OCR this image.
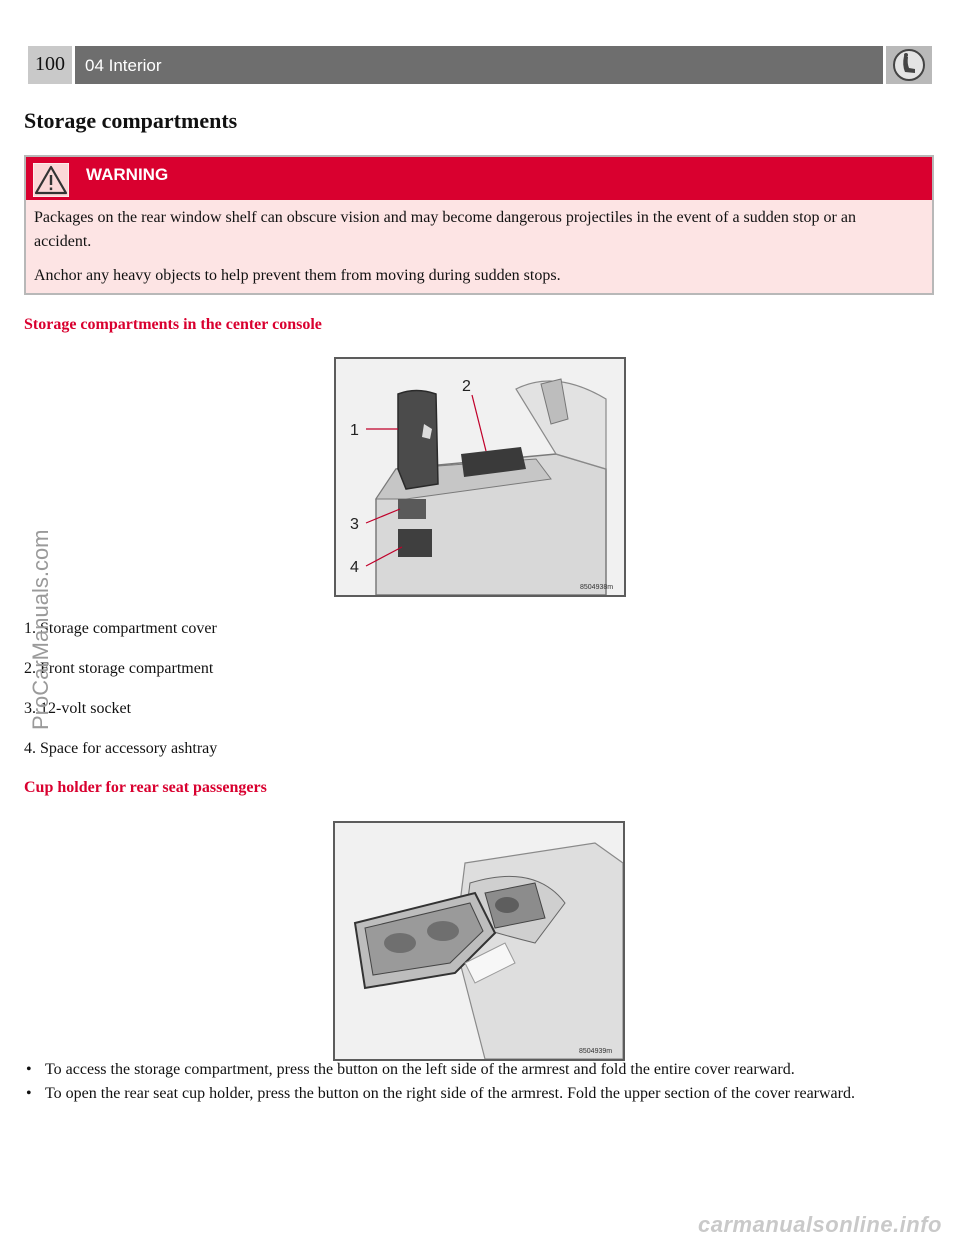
100	04 Interior
Storage compartments
WARNING

Packages on the rear window shelf can obscure vision and may become dangerous projectiles in the event of a sudden stop or an accident.

Anchor any heavy objects to help prevent them from moving during sudden stops.

Storage compartments in the center console
1
2
3
4
8504938m

1. Storage compartment cover

2. Front storage compartment

3. 12-volt socket

4. Space for accessory ashtray

Cup holder for rear seat passengers
8504939m
• To access the storage compartment, press the button on the left side of the armrest and fold the entire cover rearward.
• To open the rear seat cup holder, press the button on the right side of the armrest. Fold the upper section of the cover rearward.
ProCarManuals.com
carmanualsonline.info
